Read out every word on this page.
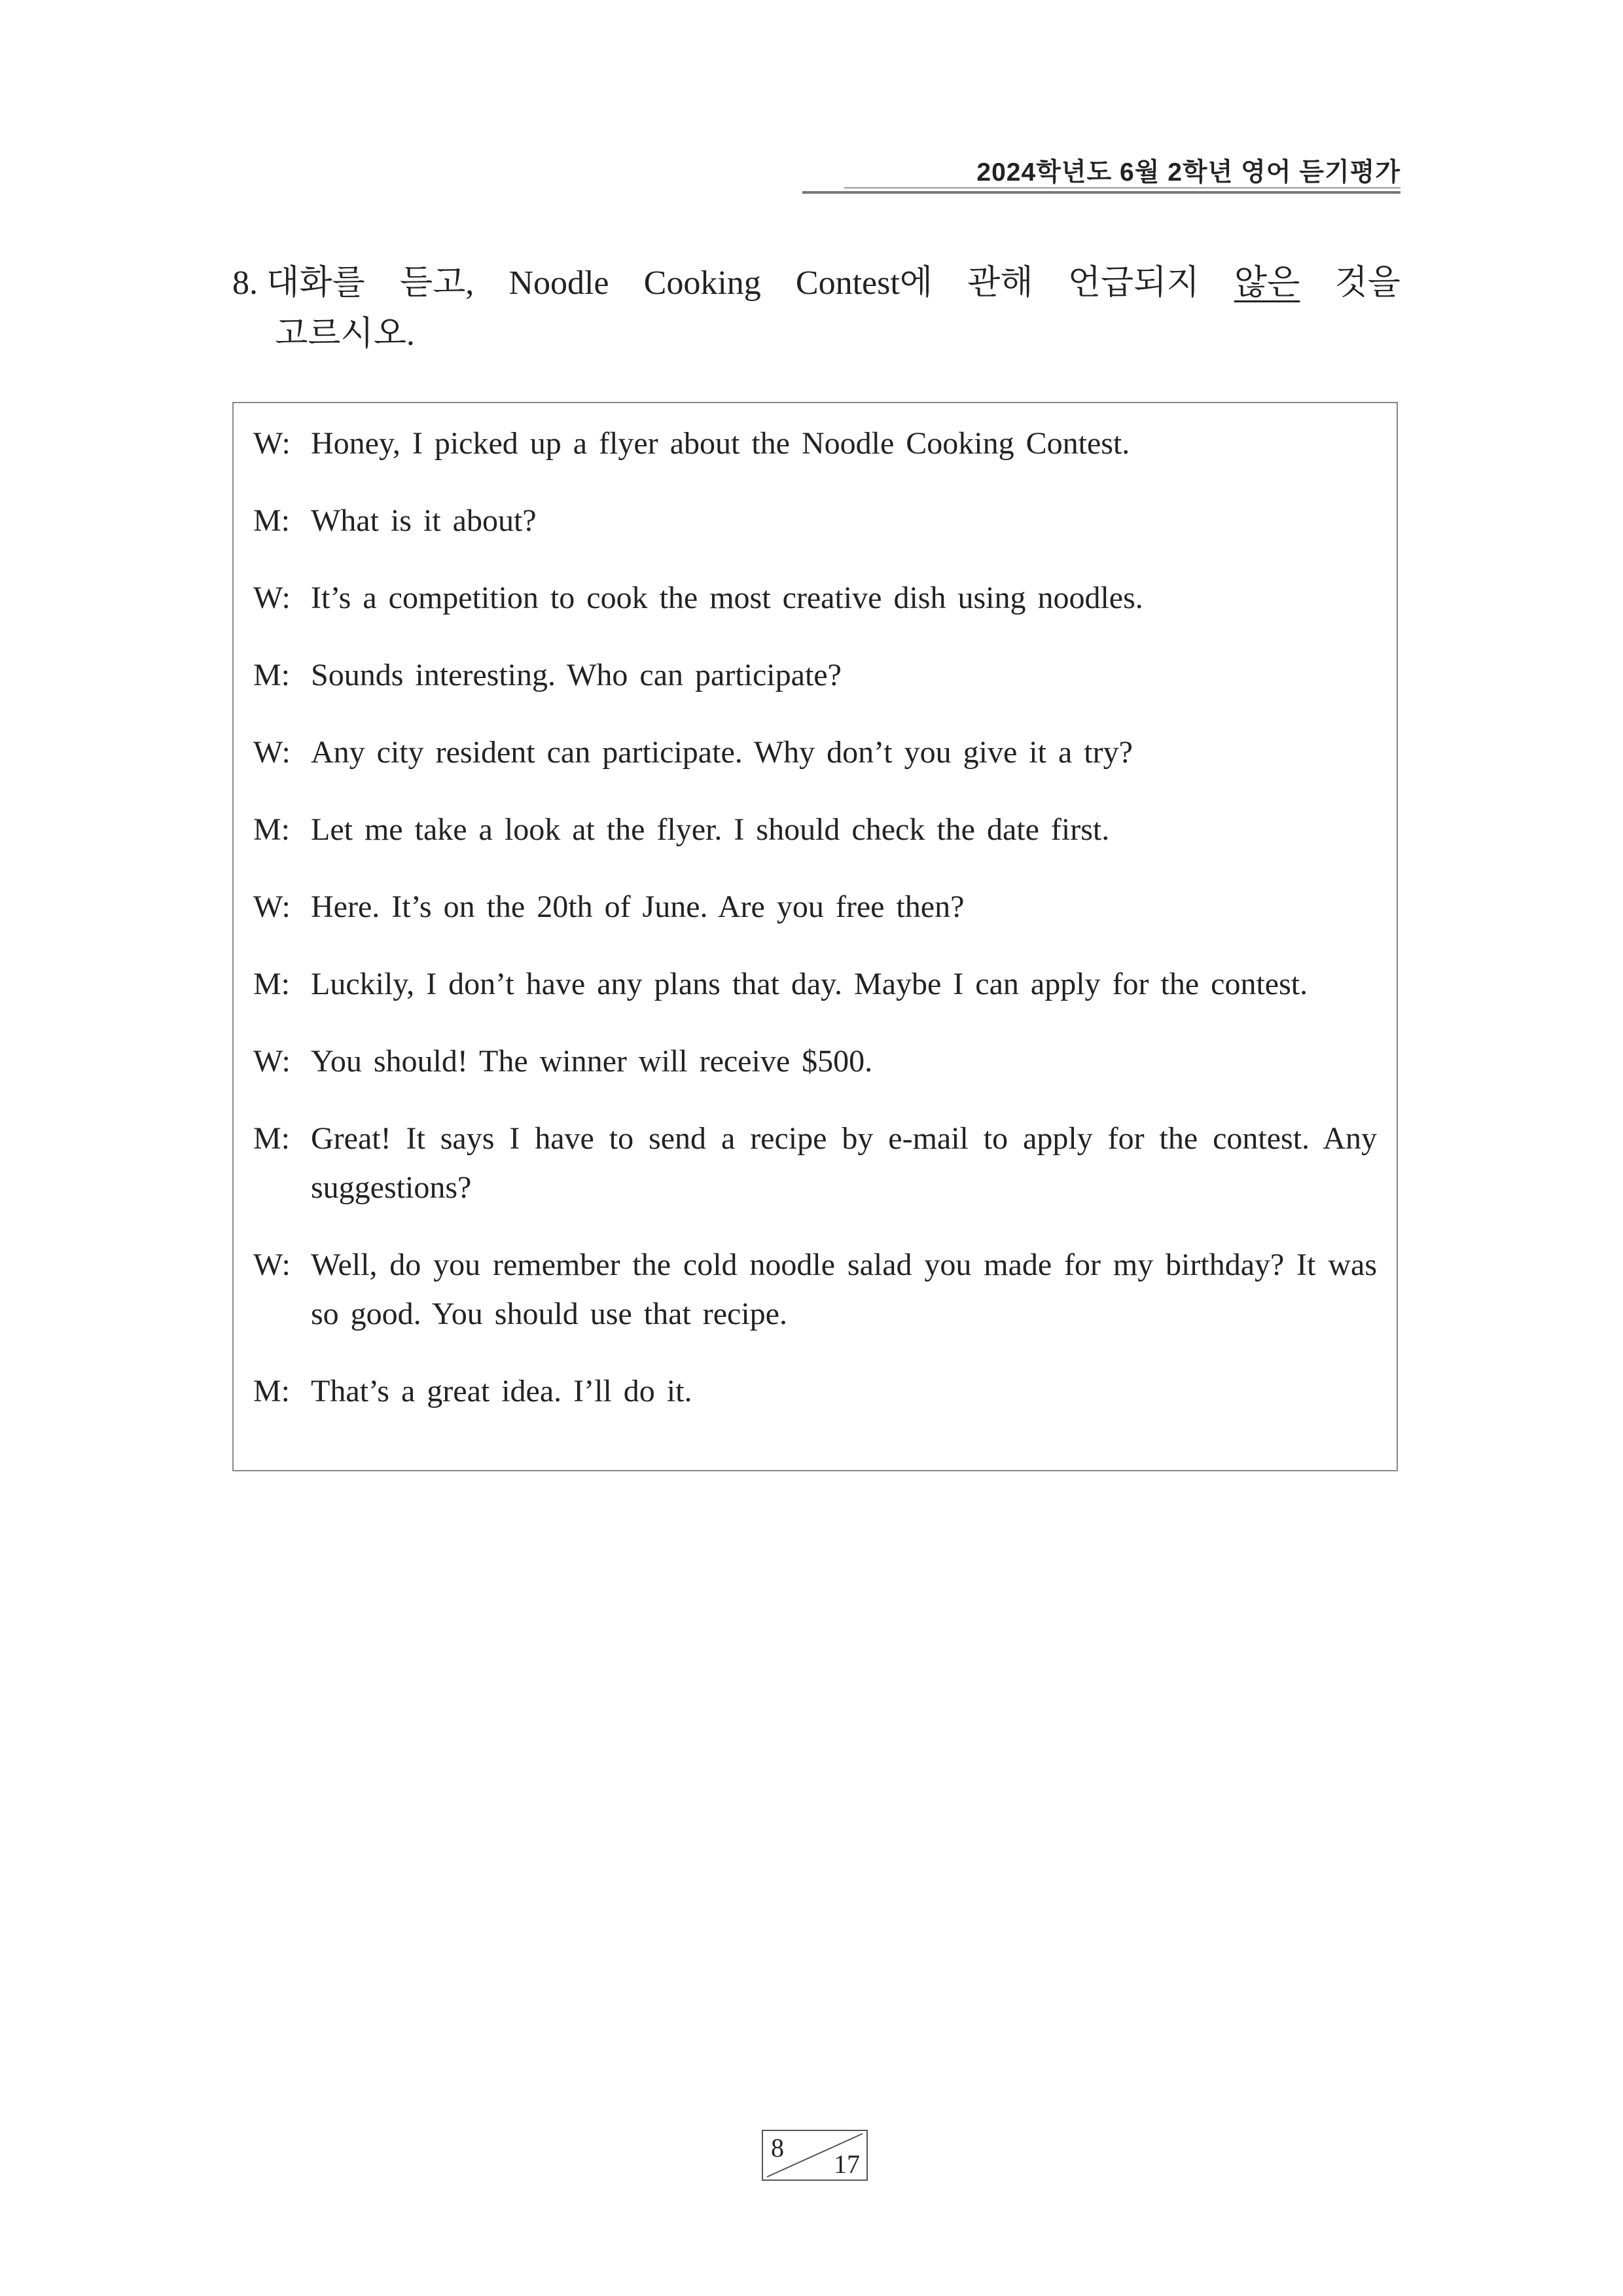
2024학년도 6월 2학년 영어 듣기평가
8. 대화를 듣고, Noodle Cooking Contest에 관해 언급되지 않은 것을
고르시오.
W: Honey, I picked up a flyer about the Noodle Cooking Contest.
M: What is it about?
W: It’s a competition to cook the most creative dish using noodles.
M: Sounds interesting. Who can participate?
W: Any city resident can participate. Why don’t you give it a try?
M: Let me take a look at the flyer. I should check the date first.
W: Here. It’s on the 20th of June. Are you free then?
M: Luckily, I don’t have any plans that day. Maybe I can apply for the contest.
W: You should! The winner will receive $500.
M: Great! It says I have to send a recipe by e-mail to apply for the contest. Any suggestions?
W: Well, do you remember the cold noodle salad you made for my birthday? It was so good. You should use that recipe.
M: That’s a great idea. I’ll do it.
8
17
